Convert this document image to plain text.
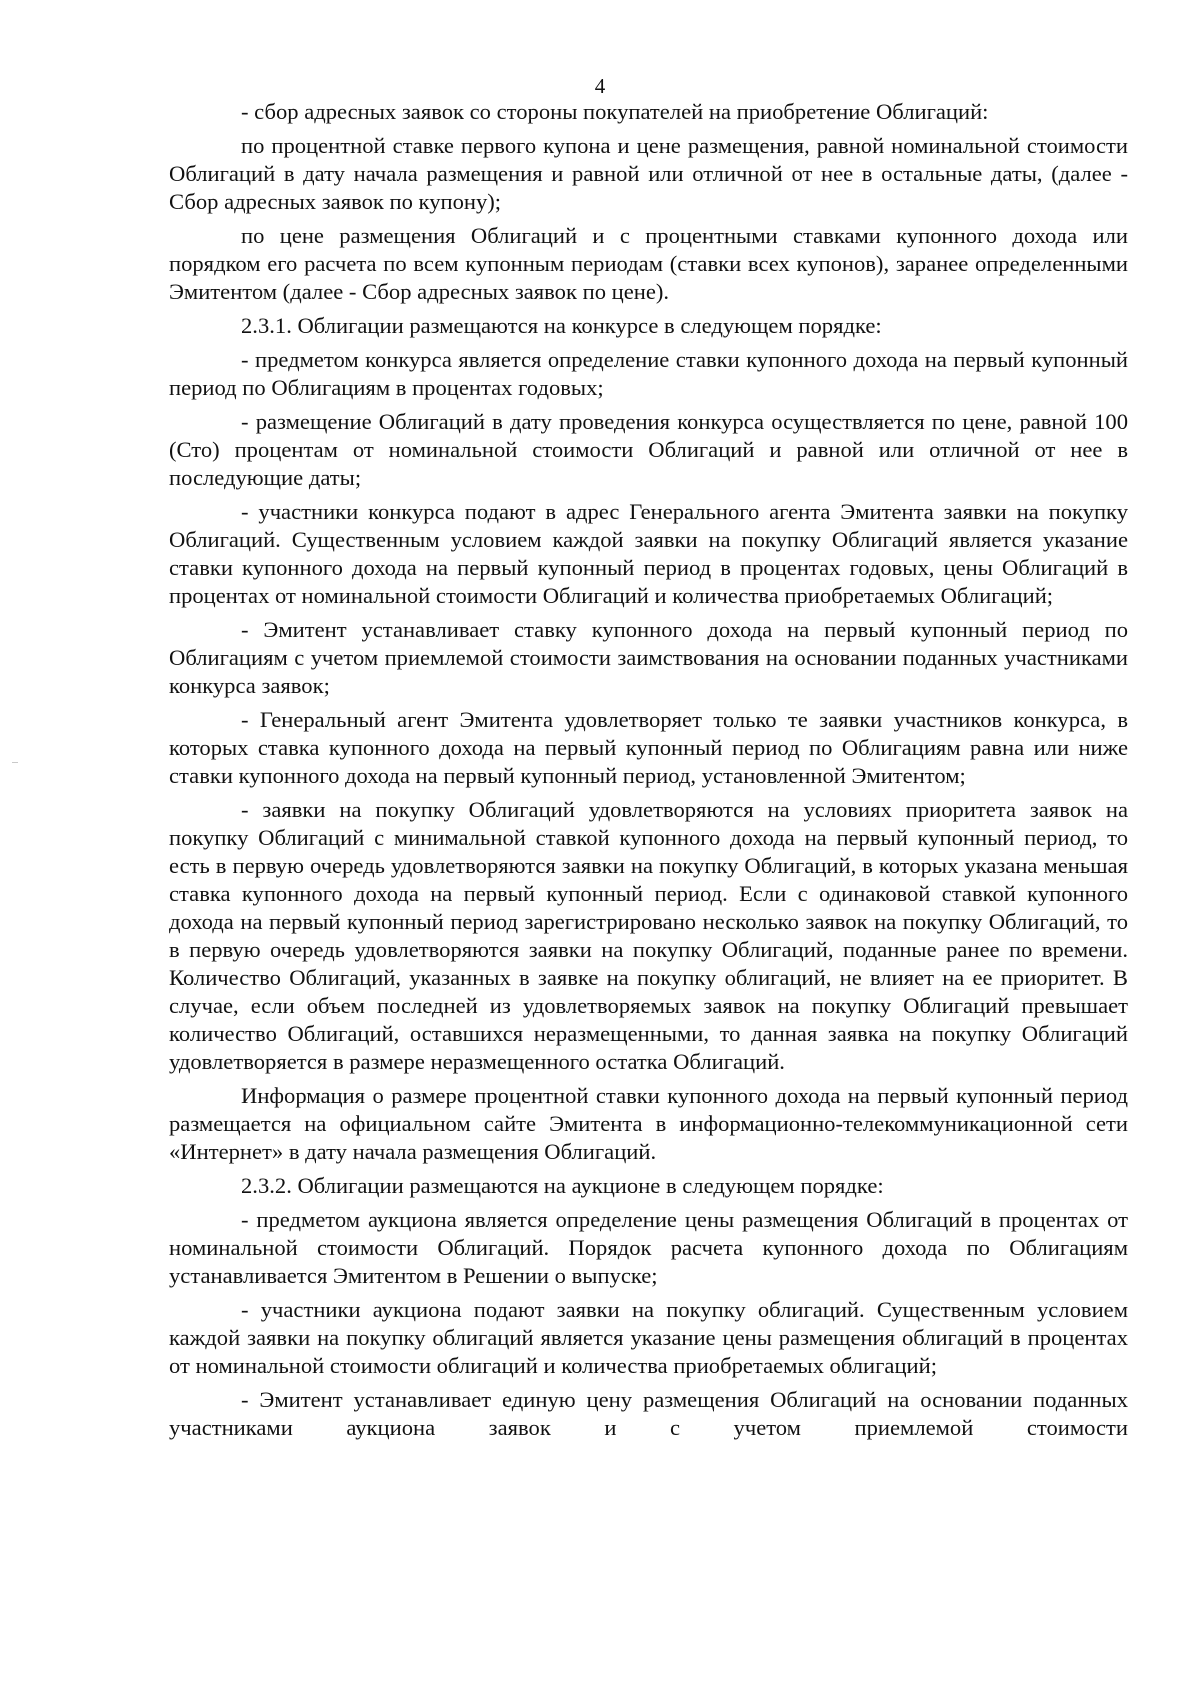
4

- сбор адресных заявок со стороны покупателей на приобретение Облигаций:

по процентной ставке первого купона и цене размещения, равной номинальной стоимости Облигаций в дату начала размещения и равной или отличной от нее в остальные даты, (далее - Сбор адресных заявок по купону);

по цене размещения Облигаций и с процентными ставками купонного дохода или порядком его расчета по всем купонным периодам (ставки всех купонов), заранее определенными Эмитентом (далее - Сбор адресных заявок по цене).

2.3.1. Облигации размещаются на конкурсе в следующем порядке:

- предметом конкурса является определение ставки купонного дохода на первый купонный период по Облигациям в процентах годовых;

- размещение Облигаций в дату проведения конкурса осуществляется по цене, равной 100 (Сто) процентам от номинальной стоимости Облигаций и равной или отличной от нее в последующие даты;

- участники конкурса подают в адрес Генерального агента Эмитента заявки на покупку Облигаций. Существенным условием каждой заявки на покупку Облигаций является указание ставки купонного дохода на первый купонный период в процентах годовых, цены Облигаций в процентах от номинальной стоимости Облигаций и количества приобретаемых Облигаций;

- Эмитент устанавливает ставку купонного дохода на первый купонный период по Облигациям с учетом приемлемой стоимости заимствования на основании поданных участниками конкурса заявок;

- Генеральный агент Эмитента удовлетворяет только те заявки участников конкурса, в которых ставка купонного дохода на первый купонный период по Облигациям равна или ниже ставки купонного дохода на первый купонный период, установленной Эмитентом;

- заявки на покупку Облигаций удовлетворяются на условиях приоритета заявок на покупку Облигаций с минимальной ставкой купонного дохода на первый купонный период, то есть в первую очередь удовлетворяются заявки на покупку Облигаций, в которых указана меньшая ставка купонного дохода на первый купонный период. Если с одинаковой ставкой купонного дохода на первый купонный период зарегистрировано несколько заявок на покупку Облигаций, то в первую очередь удовлетворяются заявки на покупку Облигаций, поданные ранее по времени. Количество Облигаций, указанных в заявке на покупку облигаций, не влияет на ее приоритет. В случае, если объем последней из удовлетворяемых заявок на покупку Облигаций превышает количество Облигаций, оставшихся неразмещенными, то данная заявка на покупку Облигаций удовлетворяется в размере неразмещенного остатка Облигаций.

Информация о размере процентной ставки купонного дохода на первый купонный период размещается на официальном сайте Эмитента в информационно-телекоммуникационной сети «Интернет» в дату начала размещения Облигаций.

2.3.2. Облигации размещаются на аукционе в следующем порядке:

- предметом аукциона является определение цены размещения Облигаций в процентах от номинальной стоимости Облигаций. Порядок расчета купонного дохода по Облигациям устанавливается Эмитентом в Решении о выпуске;

- участники аукциона подают заявки на покупку облигаций. Существенным условием каждой заявки на покупку облигаций является указание цены размещения облигаций в процентах от номинальной стоимости облигаций и количества приобретаемых облигаций;

- Эмитент устанавливает единую цену размещения Облигаций на основании поданных участниками аукциона заявок и с учетом приемлемой стоимости
